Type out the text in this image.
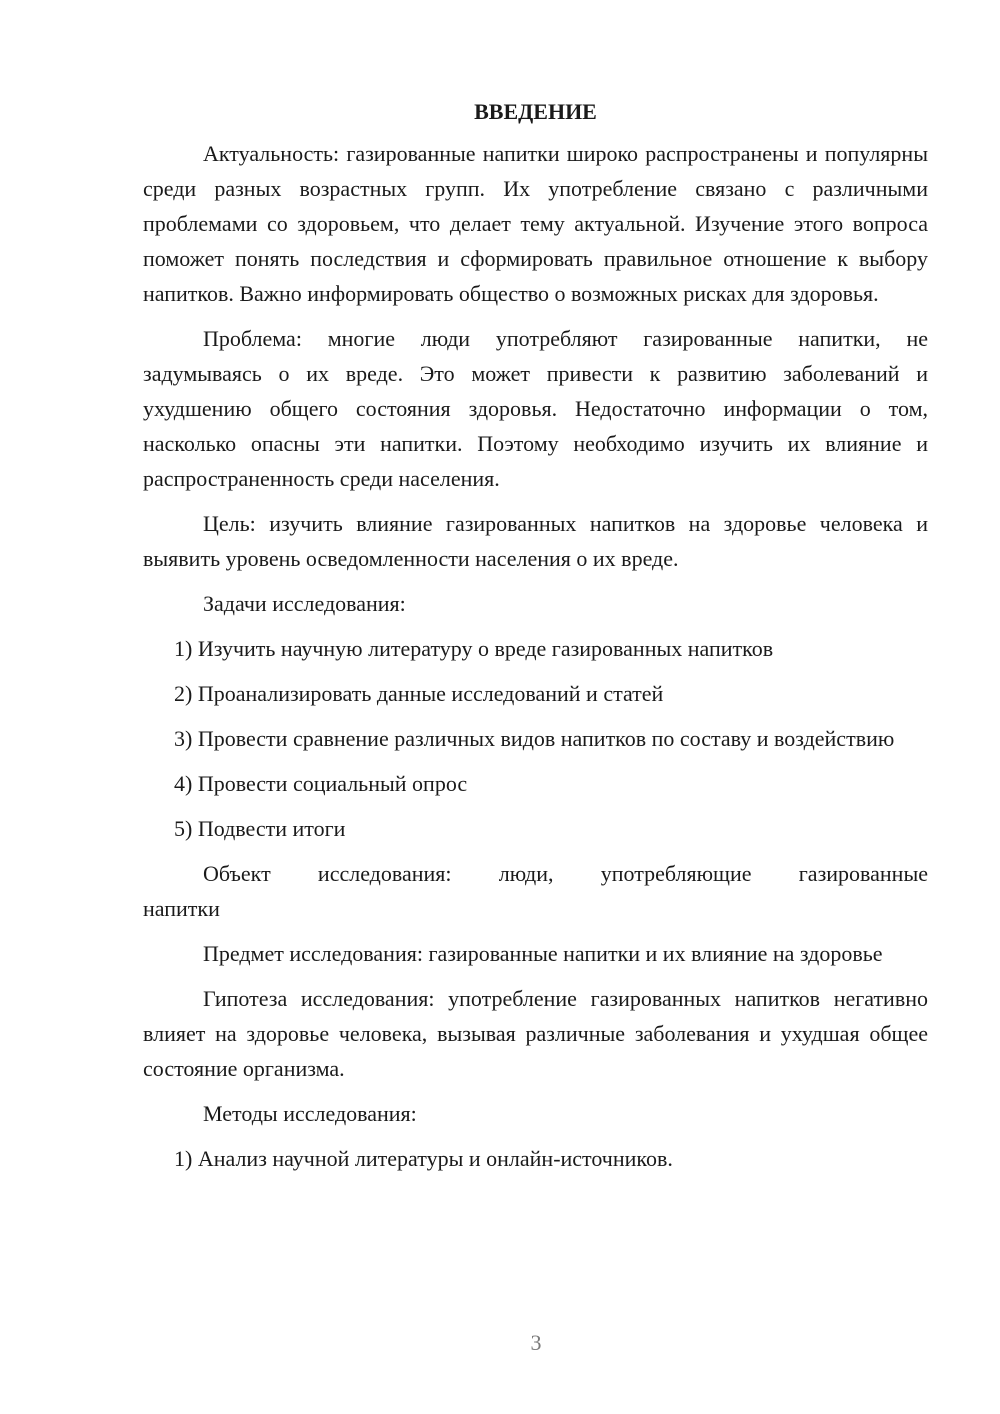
ВВЕДЕНИЕ

Актуальность: газированные напитки широко распространены и популярны среди разных возрастных групп. Их употребление связано с различными проблемами со здоровьем, что делает тему актуальной. Изучение этого вопроса поможет понять последствия и сформировать правильное отношение к выбору напитков. Важно информировать общество о возможных рисках для здоровья.

Проблема: многие люди употребляют газированные напитки, не задумываясь о их вреде. Это может привести к развитию заболеваний и ухудшению общего состояния здоровья. Недостаточно информации о том, насколько опасны эти напитки. Поэтому необходимо изучить их влияние и распространенность среди населения.

Цель: изучить влияние газированных напитков на здоровье человека и выявить уровень осведомленности населения о их вреде.

Задачи исследования:

1) Изучить научную литературу о вреде газированных напитков

2) Проанализировать данные исследований и статей

3) Провести сравнение различных видов напитков по составу и воздействию

4) Провести социальный опрос

5) Подвести итоги

Объект исследования: люди, употребляющие газированные
напитки

Предмет исследования: газированные напитки и их влияние на здоровье

Гипотеза исследования: употребление газированных напитков негативно влияет на здоровье человека, вызывая различные заболевания и ухудшая общее состояние организма.

Методы исследования:

1) Анализ научной литературы и онлайн-источников.

3
